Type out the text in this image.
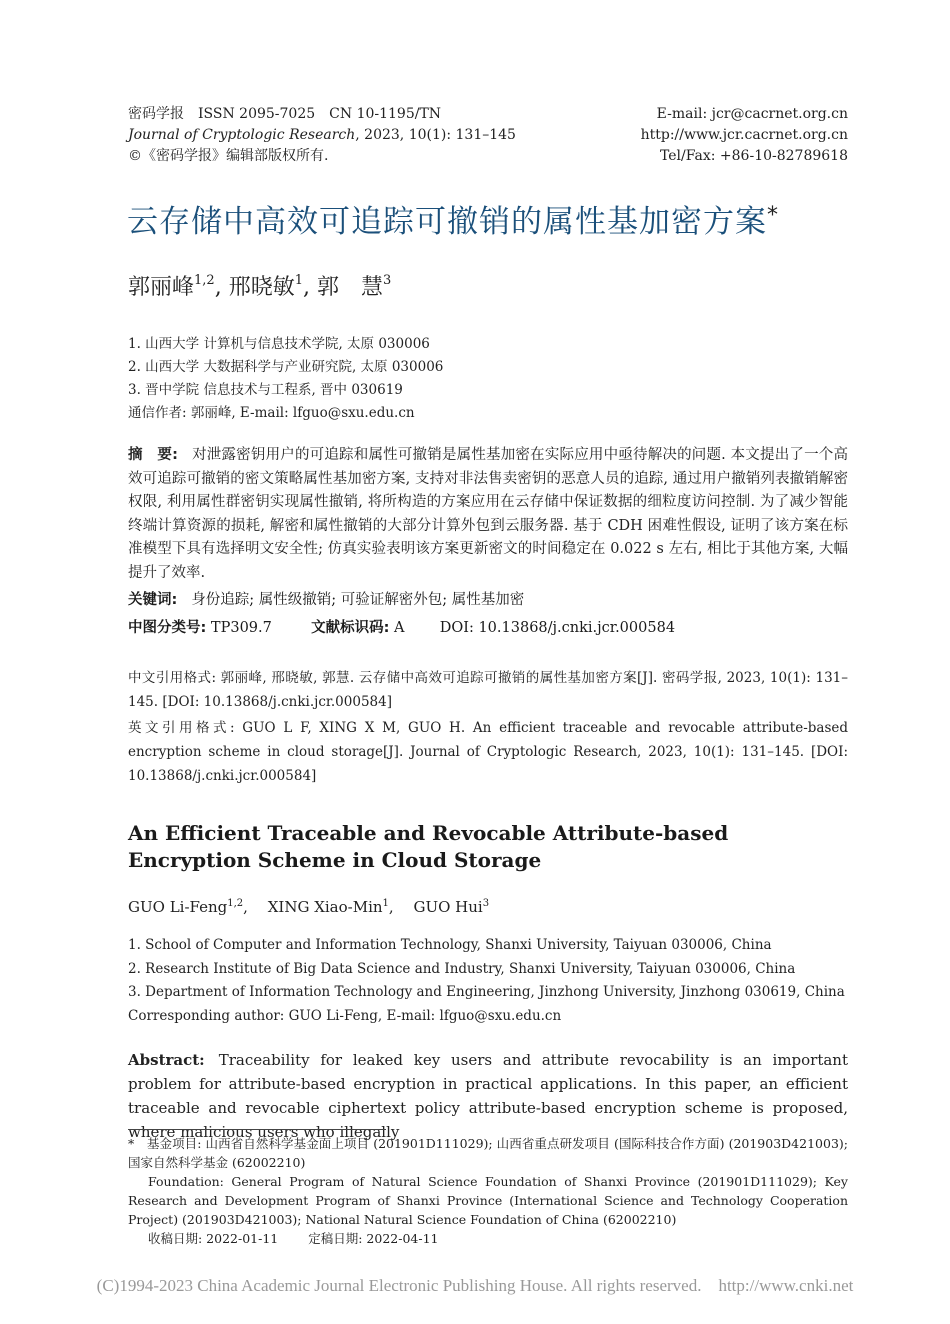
密码学报　ISSN 2095-7025　CN 10-1195/TN
Journal of Cryptologic Research, 2023, 10(1): 131–145
©《密码学报》编辑部版权所有.
E-mail: jcr@cacrnet.org.cn
http://www.jcr.cacrnet.org.cn
Tel/Fax: +86-10-82789618
云存储中高效可追踪可撤销的属性基加密方案*
郭丽峰$^{1,2}$, 邢晓敏$^1$, 郭　慧$^3$
1. 山西大学 计算机与信息技术学院, 太原 030006
2. 山西大学 大数据科学与产业研究院, 太原 030006
3. 晋中学院 信息技术与工程系, 晋中 030619
通信作者: 郭丽峰, E-mail: lfguo@sxu.edu.cn
摘　要: 对泄露密钥用户的可追踪和属性可撤销是属性基加密在实际应用中亟待解决的问题. 本文提出了一个高效可追踪可撤销的密文策略属性基加密方案, 支持对非法售卖密钥的恶意人员的追踪, 通过用户撤销列表撤销解密权限, 利用属性群密钥实现属性撤销, 将所构造的方案应用在云存储中保证数据的细粒度访问控制. 为了减少智能终端计算资源的损耗, 解密和属性撤销的大部分计算外包到云服务器. 基于 CDH 困难性假设, 证明了该方案在标准模型下具有选择明文安全性; 仿真实验表明该方案更新密文的时间稳定在 0.022 s 左右, 相比于其他方案, 大幅提升了效率.
关键词: 身份追踪; 属性级撤销; 可验证解密外包; 属性基加密
中图分类号: TP309.7	文献标识码: A DOI: 10.13868/j.cnki.jcr.000584
中文引用格式: 郭丽峰, 邢晓敏, 郭慧. 云存储中高效可追踪可撤销的属性基加密方案[J]. 密码学报, 2023, 10(1): 131–145. [DOI: 10.13868/j.cnki.jcr.000584]
英文引用格式: GUO L F, XING X M, GUO H. An efficient traceable and revocable attribute-based encryption scheme in cloud storage[J]. Journal of Cryptologic Research, 2023, 10(1): 131–145. [DOI: 10.13868/j.cnki.jcr.000584]
An Efficient Traceable and Revocable Attribute-based Encryption Scheme in Cloud Storage
GUO Li-Feng$^{1,2}$,　 XING Xiao-Min$^1$,　 GUO Hui$^3$
1. School of Computer and Information Technology, Shanxi University, Taiyuan 030006, China
2. Research Institute of Big Data Science and Industry, Shanxi University, Taiyuan 030006, China
3. Department of Information Technology and Engineering, Jinzhong University, Jinzhong 030619, China
Corresponding author: GUO Li-Feng, E-mail: lfguo@sxu.edu.cn
Abstract: Traceability for leaked key users and attribute revocability is an important problem for attribute-based encryption in practical applications. In this paper, an efficient traceable and revocable ciphertext policy attribute-based encryption scheme is proposed, where malicious users who illegally
*　基金项目: 山西省自然科学基金面上项目 (201901D111029); 山西省重点研发项目 (国际科技合作方面) (201903D421003); 国家自然科学基金 (62002210)
Foundation: General Program of Natural Science Foundation of Shanxi Province (201901D111029); Key Research and Development Program of Shanxi Province (International Science and Technology Cooperation Project) (201903D421003); National Natural Science Foundation of China (62002210)
收稿日期: 2022-01-11 定稿日期: 2022-04-11
(C)1994-2023 China Academic Journal Electronic Publishing House. All rights reserved.　http://www.cnki.net
